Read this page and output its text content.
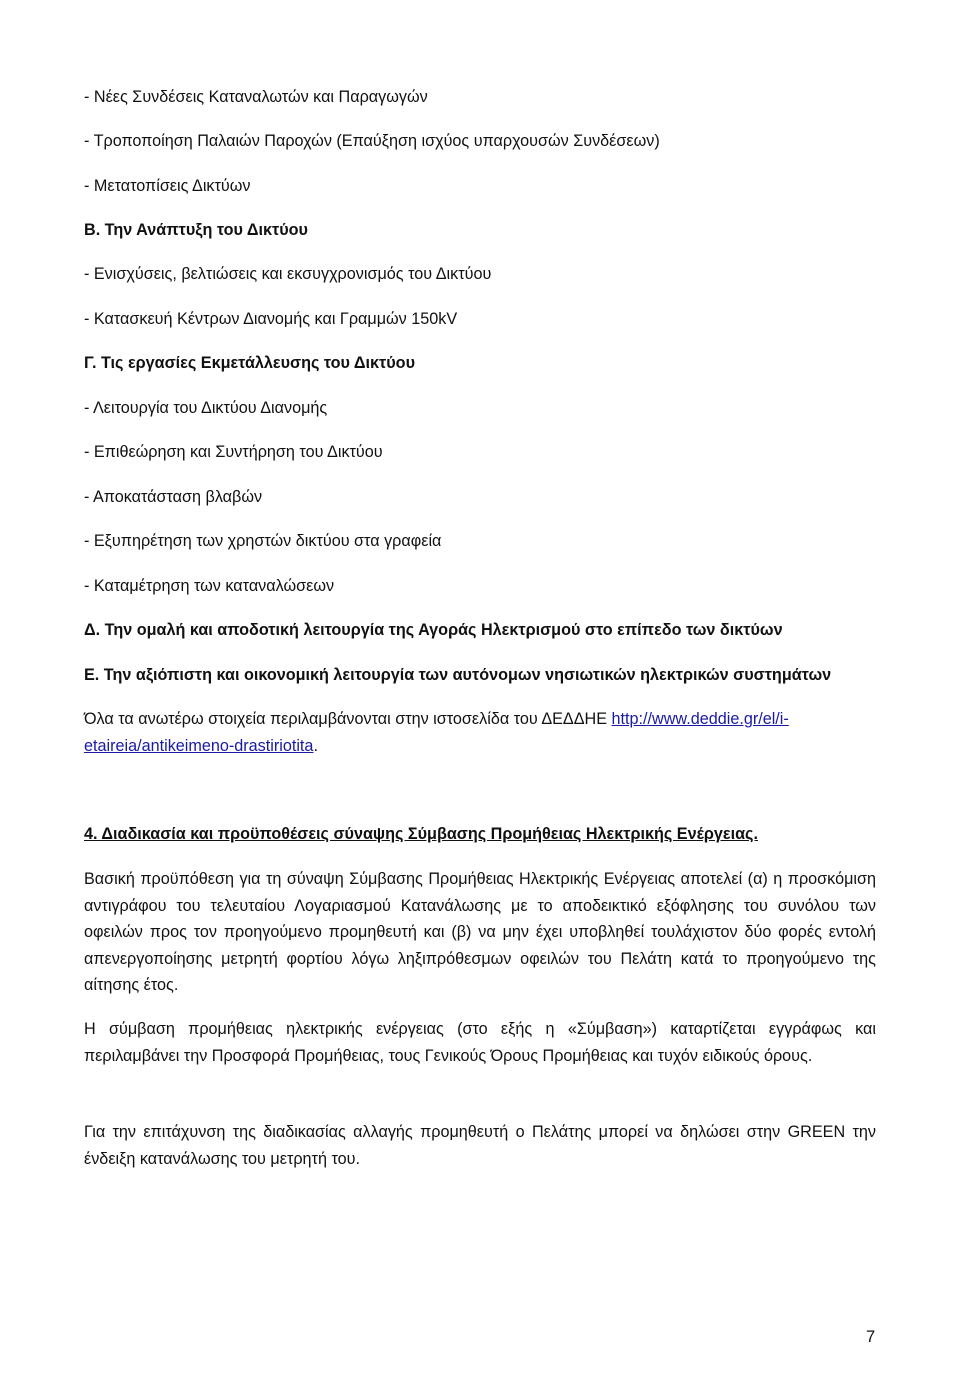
- Νέες Συνδέσεις Καταναλωτών και Παραγωγών
- Τροποποίηση Παλαιών Παροχών (Επαύξηση ισχύος υπαρχουσών Συνδέσεων)
- Μετατοπίσεις Δικτύων
Β. Την Ανάπτυξη του Δικτύου
- Ενισχύσεις, βελτιώσεις και εκσυγχρονισμός του Δικτύου
- Κατασκευή Κέντρων Διανομής και Γραμμών 150kV
Γ. Τις εργασίες Εκμετάλλευσης του Δικτύου
- Λειτουργία του Δικτύου Διανομής
- Επιθεώρηση και Συντήρηση του Δικτύου
- Αποκατάσταση βλαβών
- Εξυπηρέτηση των χρηστών δικτύου στα γραφεία
- Καταμέτρηση των καταναλώσεων
Δ. Την ομαλή και αποδοτική λειτουργία της Αγοράς Ηλεκτρισμού στο επίπεδο των δικτύων
Ε. Την αξιόπιστη και οικονομική λειτουργία των αυτόνομων νησιωτικών ηλεκτρικών συστημάτων
Όλα τα ανωτέρω στοιχεία περιλαμβάνονται στην ιστοσελίδα του ΔΕΔΔΗΕ http://www.deddie.gr/el/i-
etaireia/antikeimeno-drastiriotita.
4. Διαδικασία και προϋποθέσεις σύναψης Σύμβασης Προμήθειας Ηλεκτρικής Ενέργειας.
Βασική προϋπόθεση για τη σύναψη Σύμβασης Προμήθειας Ηλεκτρικής Ενέργειας αποτελεί (α) η προσκόμιση αντιγράφου του τελευταίου Λογαριασμού Κατανάλωσης με το αποδεικτικό εξόφλησης του συνόλου των οφειλών προς τον προηγούμενο προμηθευτή και (β) να μην έχει υποβληθεί τουλάχιστον δύο φορές εντολή απενεργοποίησης μετρητή φορτίου λόγω ληξιπρόθεσμων οφειλών του Πελάτη κατά το προηγούμενο της αίτησης έτος.
Η σύμβαση προμήθειας ηλεκτρικής ενέργειας (στο εξής η «Σύμβαση») καταρτίζεται εγγράφως και περιλαμβάνει την Προσφορά Προμήθειας, τους Γενικούς Όρους Προμήθειας και τυχόν ειδικούς όρους.
Για την επιτάχυνση της διαδικασίας αλλαγής προμηθευτή ο Πελάτης μπορεί να δηλώσει στην GREEN την ένδειξη κατανάλωσης του μετρητή του.
7
